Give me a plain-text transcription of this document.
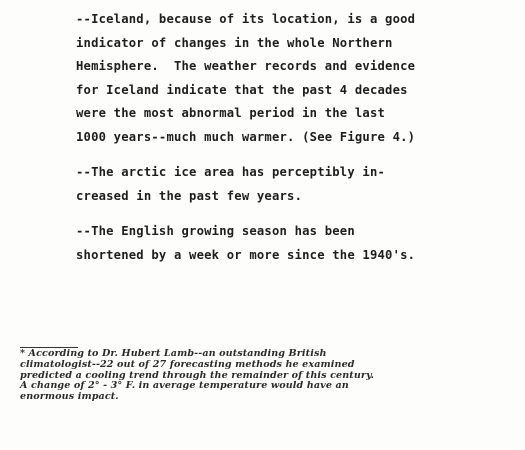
--Iceland, because of its location, is a good
indicator of changes in the whole Northern
Hemisphere.  The weather records and evidence
for Iceland indicate that the past 4 decades
were the most abnormal period in the last
1000 years--much much warmer. (See Figure 4.)

--The arctic ice area has perceptibly in-
creased in the past few years.

--The English growing season has been
shortened by a week or more since the 1940's.

* According to Dr. Hubert Lamb--an outstanding British
climatologist--22 out of 27 forecasting methods he examined
predicted a cooling trend through the remainder of this century.
A change of 2° - 3° F. in average temperature would have an
enormous impact.
